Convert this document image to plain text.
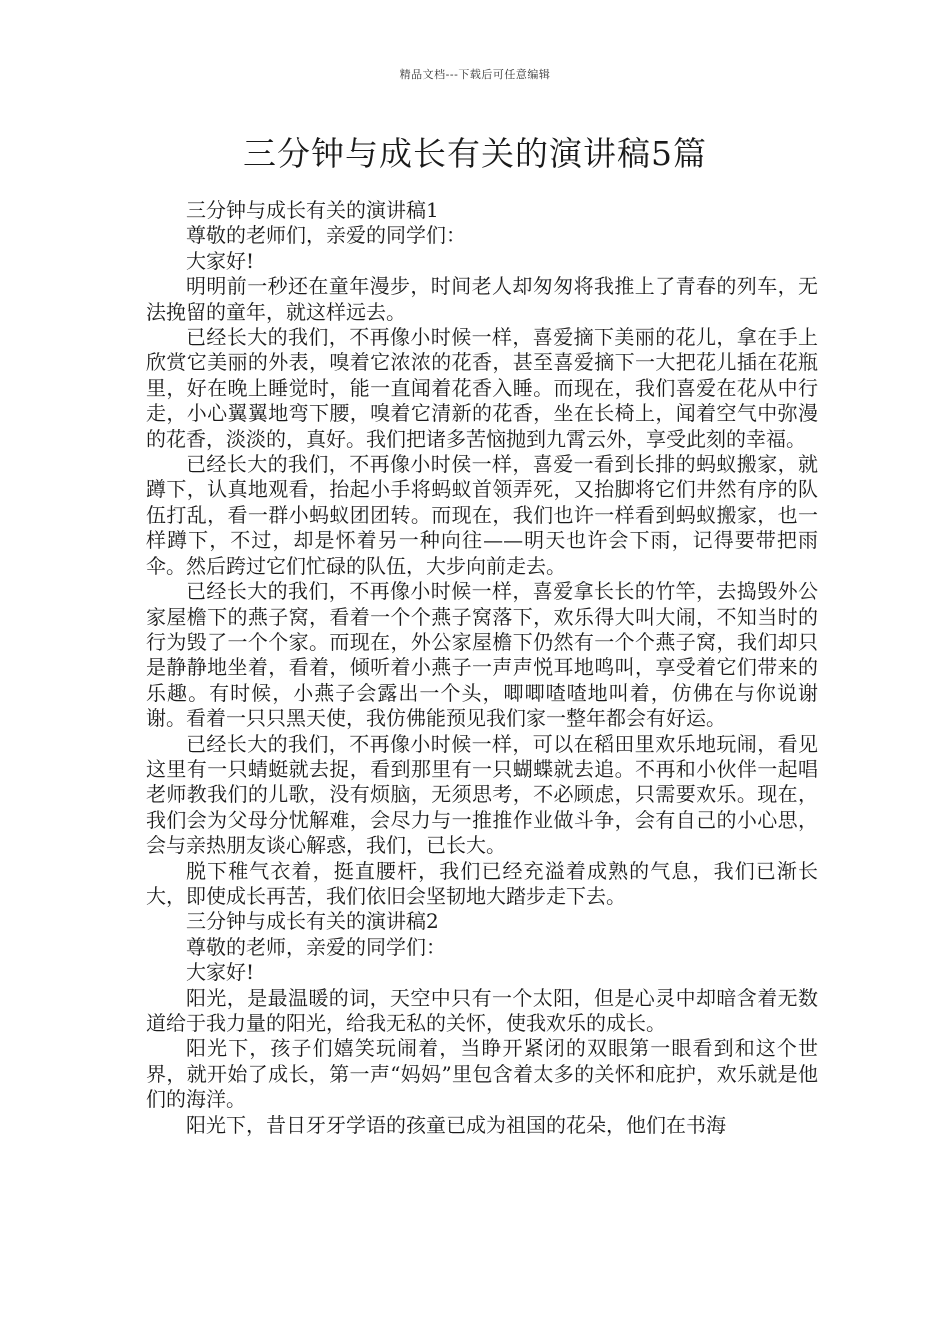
精品文档---下载后可任意编辑
三分钟与成长有关的演讲稿5篇

三分钟与成长有关的演讲稿1

尊敬的老师们，亲爱的同学们：

大家好!

明明前一秒还在童年漫步，时间老人却匆匆将我推上了青春的列车，无法挽留的童年，就这样远去。

已经长大的我们，不再像小时候一样，喜爱摘下美丽的花儿，拿在手上欣赏它美丽的外表，嗅着它浓浓的花香，甚至喜爱摘下一大把花儿插在花瓶里，好在晚上睡觉时，能一直闻着花香入睡。而现在，我们喜爱在花从中行走，小心翼翼地弯下腰，嗅着它清新的花香，坐在长椅上，闻着空气中弥漫的花香，淡淡的，真好。我们把诸多苦恼抛到九霄云外，享受此刻的幸福。

已经长大的我们，不再像小时侯一样，喜爱一看到长排的蚂蚁搬家，就蹲下，认真地观看，抬起小手将蚂蚁首领弄死，又抬脚将它们井然有序的队伍打乱，看一群小蚂蚁团团转。而现在，我们也许一样看到蚂蚁搬家，也一样蹲下，不过，却是怀着另一种向往——明天也许会下雨，记得要带把雨伞。然后跨过它们忙碌的队伍，大步向前走去。

已经长大的我们，不再像小时候一样，喜爱拿长长的竹竿，去捣毁外公家屋檐下的燕子窝，看着一个个燕子窝落下，欢乐得大叫大闹，不知当时的行为毁了一个个家。而现在，外公家屋檐下仍然有一个个燕子窝，我们却只是静静地坐着，看着，倾听着小燕子一声声悦耳地鸣叫，享受着它们带来的乐趣。有时候，小燕子会露出一个头，唧唧喳喳地叫着，仿佛在与你说谢谢。看着一只只黑天使，我仿佛能预见我们家一整年都会有好运。

已经长大的我们，不再像小时候一样，可以在稻田里欢乐地玩闹，看见这里有一只蜻蜓就去捉，看到那里有一只蝴蝶就去追。不再和小伙伴一起唱老师教我们的儿歌，没有烦脑，无须思考，不必顾虑，只需要欢乐。现在，我们会为父母分忧解难，会尽力与一推推作业做斗争，会有自己的小心思，会与亲热朋友谈心解惑，我们，已长大。

脱下稚气衣着，挺直腰杆，我们已经充溢着成熟的气息，我们已渐长大，即使成长再苦，我们依旧会坚韧地大踏步走下去。

三分钟与成长有关的演讲稿2

尊敬的老师，亲爱的同学们：

大家好!

阳光，是最温暖的词，天空中只有一个太阳，但是心灵中却暗含着无数道给于我力量的阳光，给我无私的关怀，使我欢乐的成长。

阳光下，孩子们嬉笑玩闹着，当睁开紧闭的双眼第一眼看到和这个世界，就开始了成长，第一声“妈妈”里包含着太多的关怀和庇护，欢乐就是他们的海洋。

阳光下，昔日牙牙学语的孩童已成为祖国的花朵，他们在书海
